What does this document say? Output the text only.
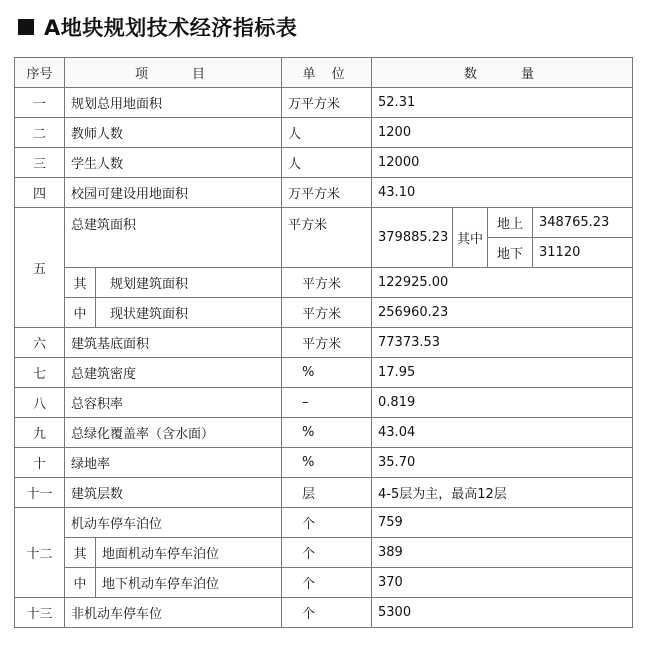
A地块规划技术经济指标表
序号	项　　目		单 位	数　　量			
一	规划总用地面积		万平方米	52.31			
二	教师人数		人	1200			
三	学生人数		人	12000			
四	校园可建设用地面积		万平方米	43.10			
五	总建筑面积		平方米	379885.23	其中	地上	348765.23
						地下	31120
	其	规划建筑面积	平方米	122925.00			
	中	现状建筑面积	平方米	256960.23			
六	建筑基底面积		平方米	77373.53			
七	总建筑密度		%	17.95			
八	总容积率		–	0.819			
九	总绿化覆盖率（含水面）		%	43.04			
十	绿地率		%	35.70			
十一	建筑层数		层	4-5层为主，最高12层			
十二	机动车停车泊位		个	759			
	其	地面机动车停车泊位	个	389			
	中	地下机动车停车泊位	个	370			
十三	非机动车停车位		个	5300			
